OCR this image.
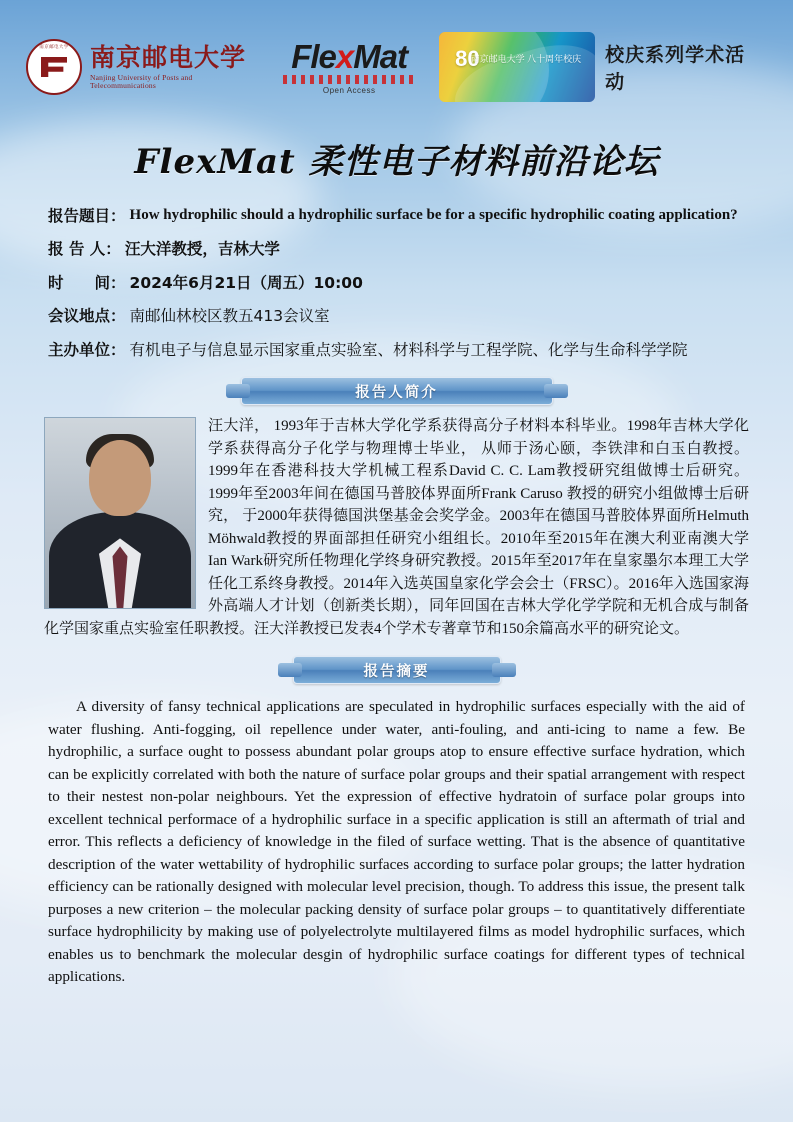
南京邮电大学 南京邮电大学
Nanjing University of Posts and Telecommunications
FlexMat
Open Access
80
南京邮电大学 八十周年校庆 校庆系列学术活动
FlexMat 柔性电子材料前沿论坛
报告题目 ： How hydrophilic should a hydrophilic surface be for a specific hydrophilic coating application?
报 告 人 ： 汪大洋教授，吉林大学
时　　间 ： 2024年6月21日（周五）10:00
会议地点 ： 南邮仙林校区教五413会议室
主办单位 ： 有机电子与信息显示国家重点实验室、材料科学与工程学院、化学与生命科学学院
报告人简介
汪大洋， 1993年于吉林大学化学系获得高分子材料本科毕业。1998年吉林大学化学系获得高分子化学与物理博士毕业， 从师于汤心颐，李铁津和白玉白教授。1999年在香港科技大学机械工程系David C. C. Lam教授研究组做博士后研究。 1999年至2003年间在德国马普胶体界面所Frank Caruso 教授的研究小组做博士后研究， 于2000年获得德国洪堡基金会奖学金。2003年在德国马普胶体界面所Helmuth Möhwald教授的界面部担任研究小组组长。2010年至2015年在澳大利亚南澳大学Ian Wark研究所任物理化学终身研究教授。2015年至2017年在皇家墨尔本理工大学任化工系终身教授。2014年入选英国皇家化学会会士（FRSC）。2016年入选国家海外高端人才计划（创新类长期），同年回国在吉林大学化学学院和无机合成与制备化学国家重点实验室任职教授。汪大洋教授已发表4个学术专著章节和150余篇高水平的研究论文。
报告摘要
A diversity of fansy technical applications are speculated in hydrophilic surfaces especially with the aid of water flushing. Anti-fogging, oil repellence under water, anti-fouling, and anti-icing to name a few. Be hydrophilic, a surface ought to possess abundant polar groups atop to ensure effective surface hydration, which can be explicitly correlated with both the nature of surface polar groups and their spatial arrangement with respect to their nestest non-polar neighbours. Yet the expression of effective hydratoin of surface polar groups into excellent technical performace of a hydrophilic surface in a specific application is still an aftermath of trial and error. This reflects a deficiency of knowledge in the filed of surface wetting. That is the absence of quantitative description of the water wettability of hydrophilic surfaces according to surface polar groups; the latter hydration efficiency can be rationally designed with molecular level precision, though. To address this issue, the present talk purposes a new criterion – the molecular packing density of surface polar groups – to quantitatively differentiate surface hydrophilicity by making use of polyelectrolyte multilayered films as model hydrophilic surfaces, which enables us to benchmark the molecular desgin of hydrophilic surface coatings for different types of technical applications.
